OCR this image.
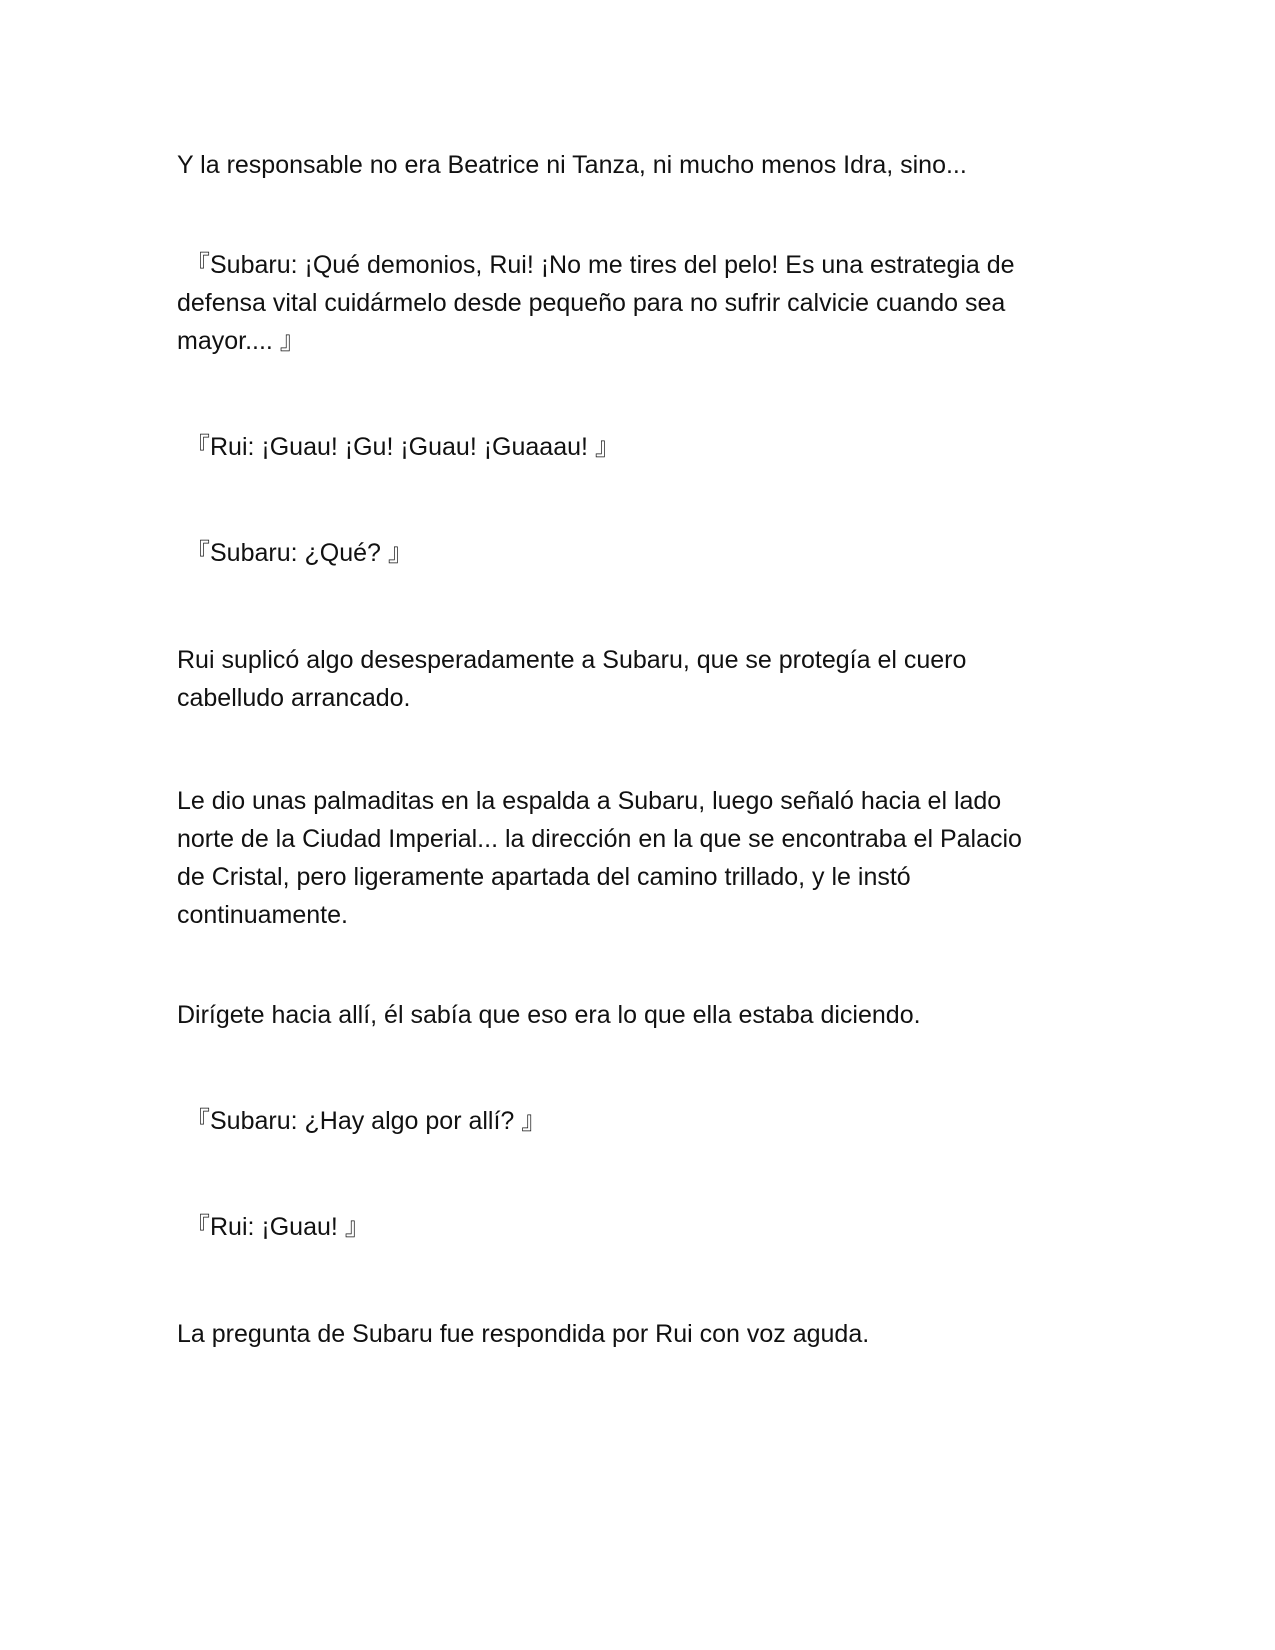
Y la responsable no era Beatrice ni Tanza, ni mucho menos Idra, sino...

『Subaru: ¡Qué demonios, Rui! ¡No me tires del pelo! Es una estrategia de
defensa vital cuidármelo desde pequeño para no sufrir calvicie cuando sea
mayor.... 』

『Rui: ¡Guau! ¡Gu! ¡Guau! ¡Guaaau! 』

『Subaru: ¿Qué? 』

Rui suplicó algo desesperadamente a Subaru, que se protegía el cuero
cabelludo arrancado.

Le dio unas palmaditas en la espalda a Subaru, luego señaló hacia el lado
norte de la Ciudad Imperial... la dirección en la que se encontraba el Palacio
de Cristal, pero ligeramente apartada del camino trillado, y le instó
continuamente.

Dirígete hacia allí, él sabía que eso era lo que ella estaba diciendo.

『Subaru: ¿Hay algo por allí? 』

『Rui: ¡Guau! 』

La pregunta de Subaru fue respondida por Rui con voz aguda.
